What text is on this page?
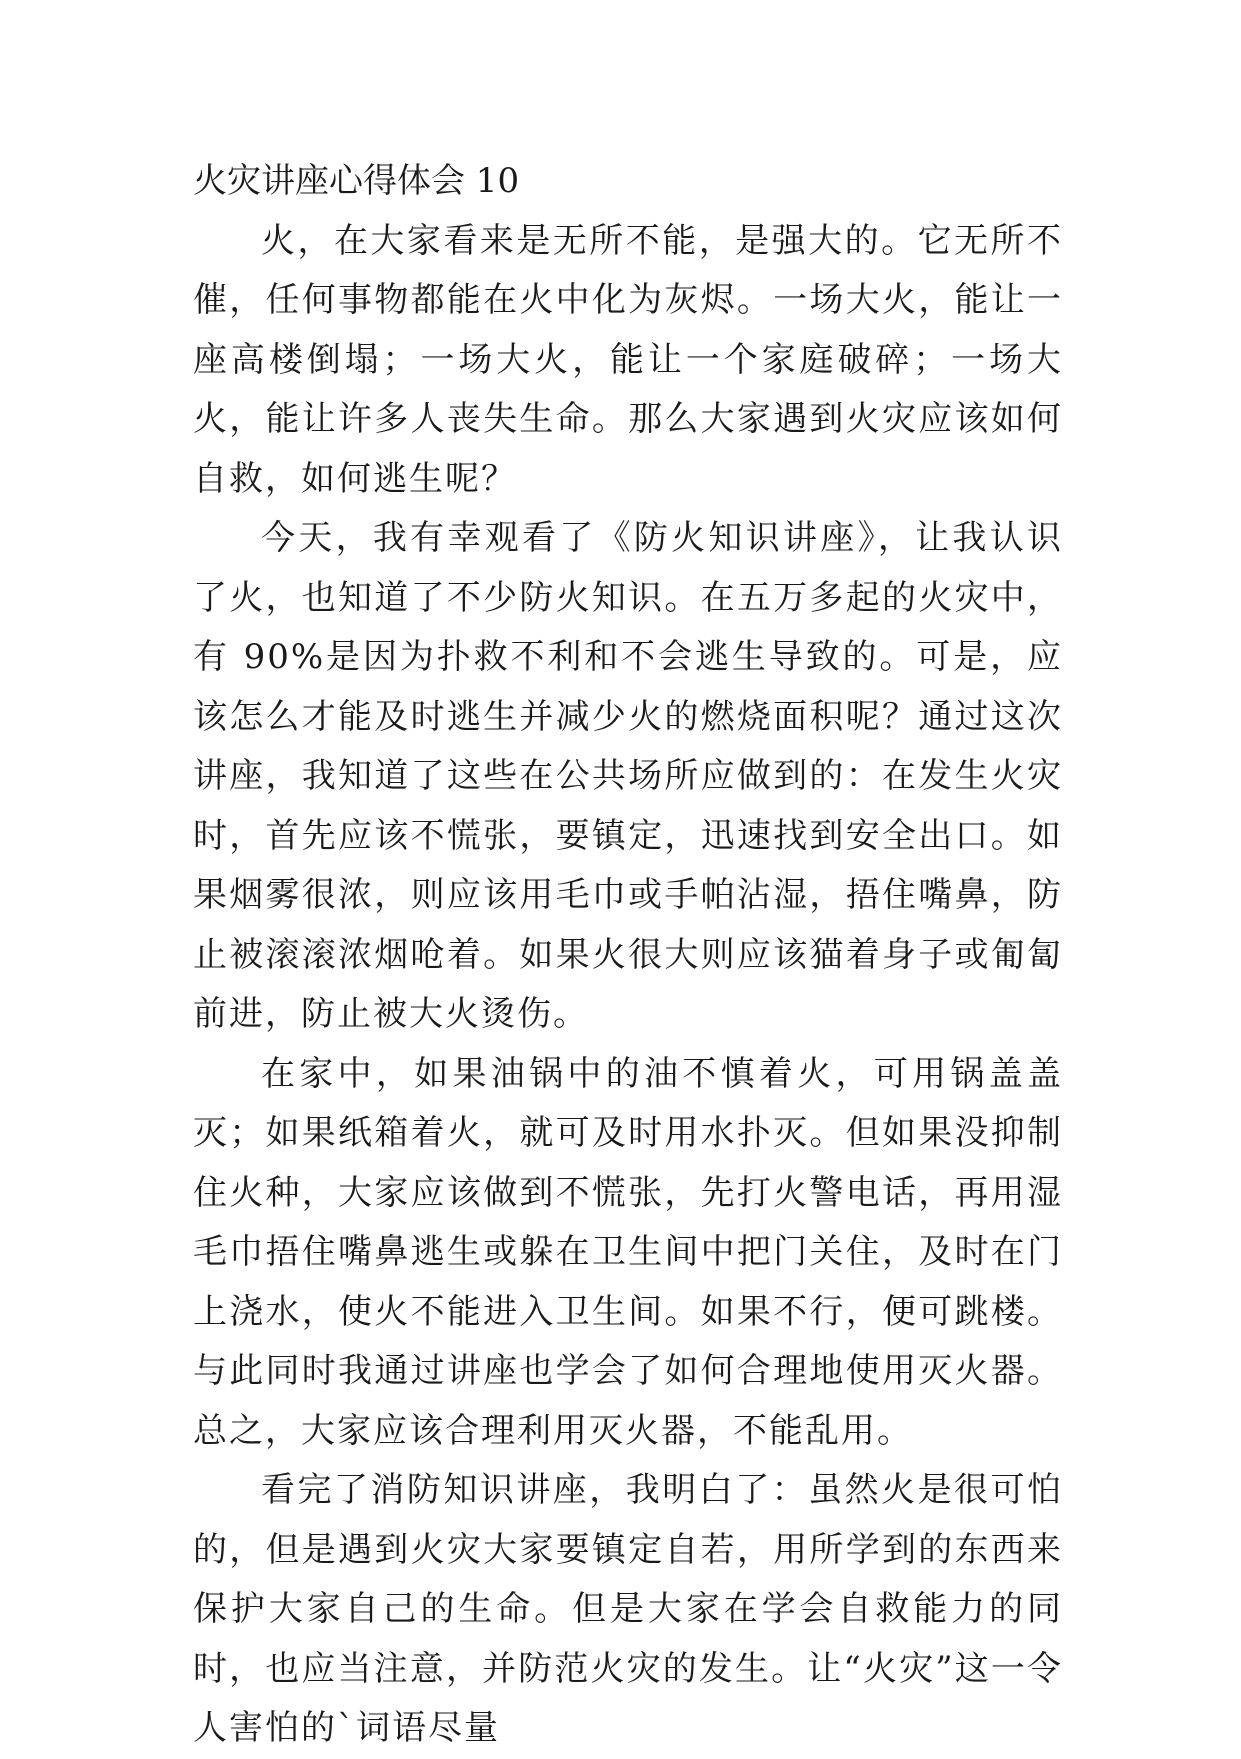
火灾讲座心得体会 10

火，在大家看来是无所不能，是强大的。它无所不催，任何事物都能在火中化为灰烬。一场大火，能让一座高楼倒塌；一场大火，能让一个家庭破碎；一场大火，能让许多人丧失生命。那么大家遇到火灾应该如何自救，如何逃生呢？

今天，我有幸观看了《防火知识讲座》，让我认识了火，也知道了不少防火知识。在五万多起的火灾中，有 90%是因为扑救不利和不会逃生导致的。可是，应该怎么才能及时逃生并减少火的燃烧面积呢？通过这次讲座，我知道了这些在公共场所应做到的：在发生火灾时，首先应该不慌张，要镇定，迅速找到安全出口。如果烟雾很浓，则应该用毛巾或手帕沾湿，捂住嘴鼻，防止被滚滚浓烟呛着。如果火很大则应该猫着身子或匍匐前进，防止被大火烫伤。

在家中，如果油锅中的油不慎着火，可用锅盖盖灭；如果纸箱着火，就可及时用水扑灭。但如果没抑制住火种，大家应该做到不慌张，先打火警电话，再用湿毛巾捂住嘴鼻逃生或躲在卫生间中把门关住，及时在门上浇水，使火不能进入卫生间。如果不行，便可跳楼。与此同时我通过讲座也学会了如何合理地使用灭火器。总之，大家应该合理利用灭火器，不能乱用。

看完了消防知识讲座，我明白了：虽然火是很可怕的，但是遇到火灾大家要镇定自若，用所学到的东西来保护大家自己的生命。但是大家在学会自救能力的同时，也应当注意，并防范火灾的发生。让“火灾”这一令人害怕的`词语尽量
